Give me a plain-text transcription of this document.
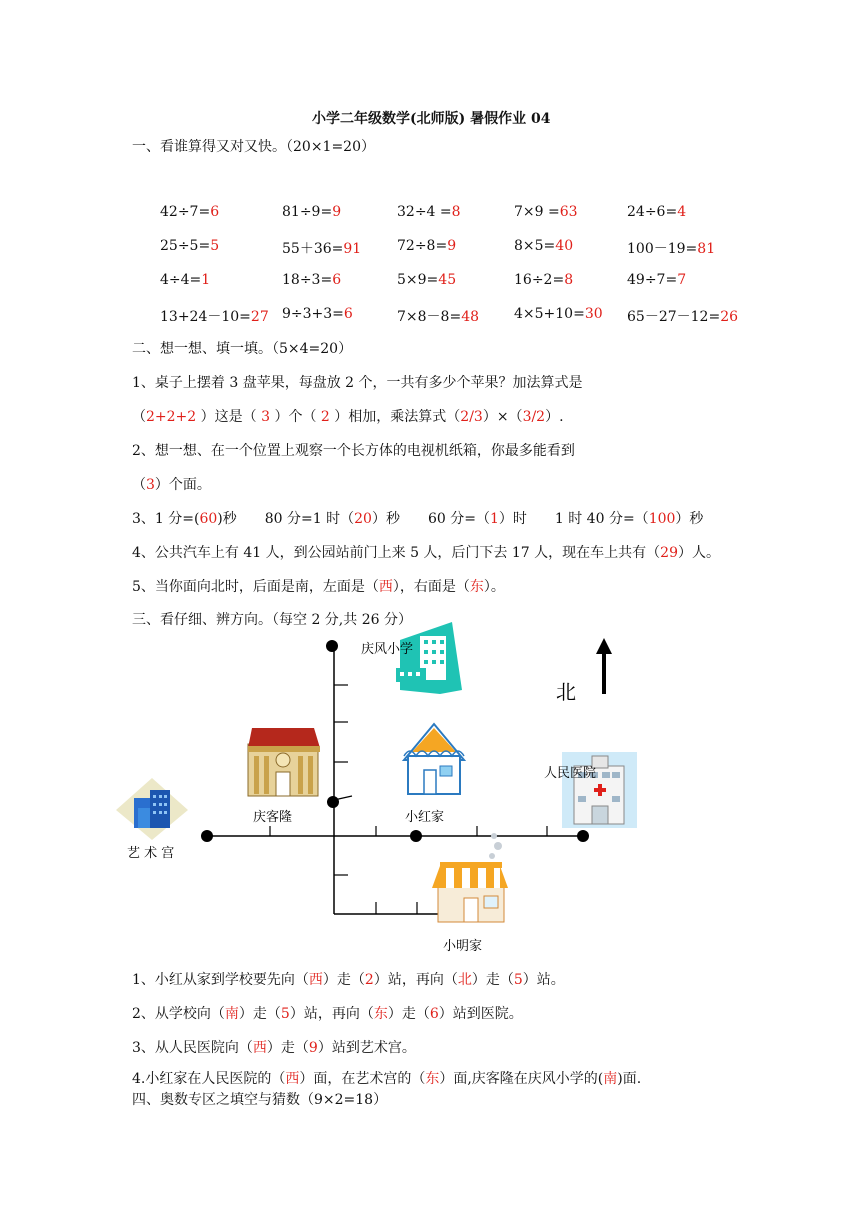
小学二年级数学(北师版) 暑假作业 04
一、看谁算得又对又快。（20×1=20）
42÷7=6	81÷9=9	32÷4 =8	7×9 =63	24÷6=4
25÷5=5	55＋36=91	72÷8=9	8×5=40	100－19=81
4÷4=1	18÷3=6	5×9=45	16÷2=8	49÷7=7
13+24－10=27 9÷3+3=6	7×8－8=48 4×5+10=30 65－27－12=26
二、想一想、填一填。（5×4=20）
1、桌子上摆着 3 盘苹果，每盘放 2 个，一共有多少个苹果？加法算式是
（2+2+2 ）这是（ 3 ）个（ 2 ）相加，乘法算式（2/3）×（3/2）.
2、想一想、在一个位置上观察一个长方体的电视机纸箱，你最多能看到
（3）个面。
3、1 分=(60)秒　　80 分=1 时（20）秒　　60 分=（1）时　　1 时 40 分=（100）秒
4、公共汽车上有 41 人，到公园站前门上来 5 人，后门下去 17 人，现在车上共有（29）人。
5、当你面向北时，后面是南，左面是（西），右面是（东）。
三、看仔细、辨方向。（每空 2 分,共 26 分）
庆风小学
北
人民医院
庆客隆	小红家
艺 术 宫
小明家
1、小红从家到学校要先向（西）走（2）站，再向（北）走（5）站。
2、从学校向（南）走（5）站，再向（东）走（6）站到医院。
3、从人民医院向（西）走（9）站到艺术宫。
4.小红家在人民医院的（西）面，在艺术宫的（东）面,庆客隆在庆风小学的(南)面.
四、奥数专区之填空与猜数（9×2=18）
